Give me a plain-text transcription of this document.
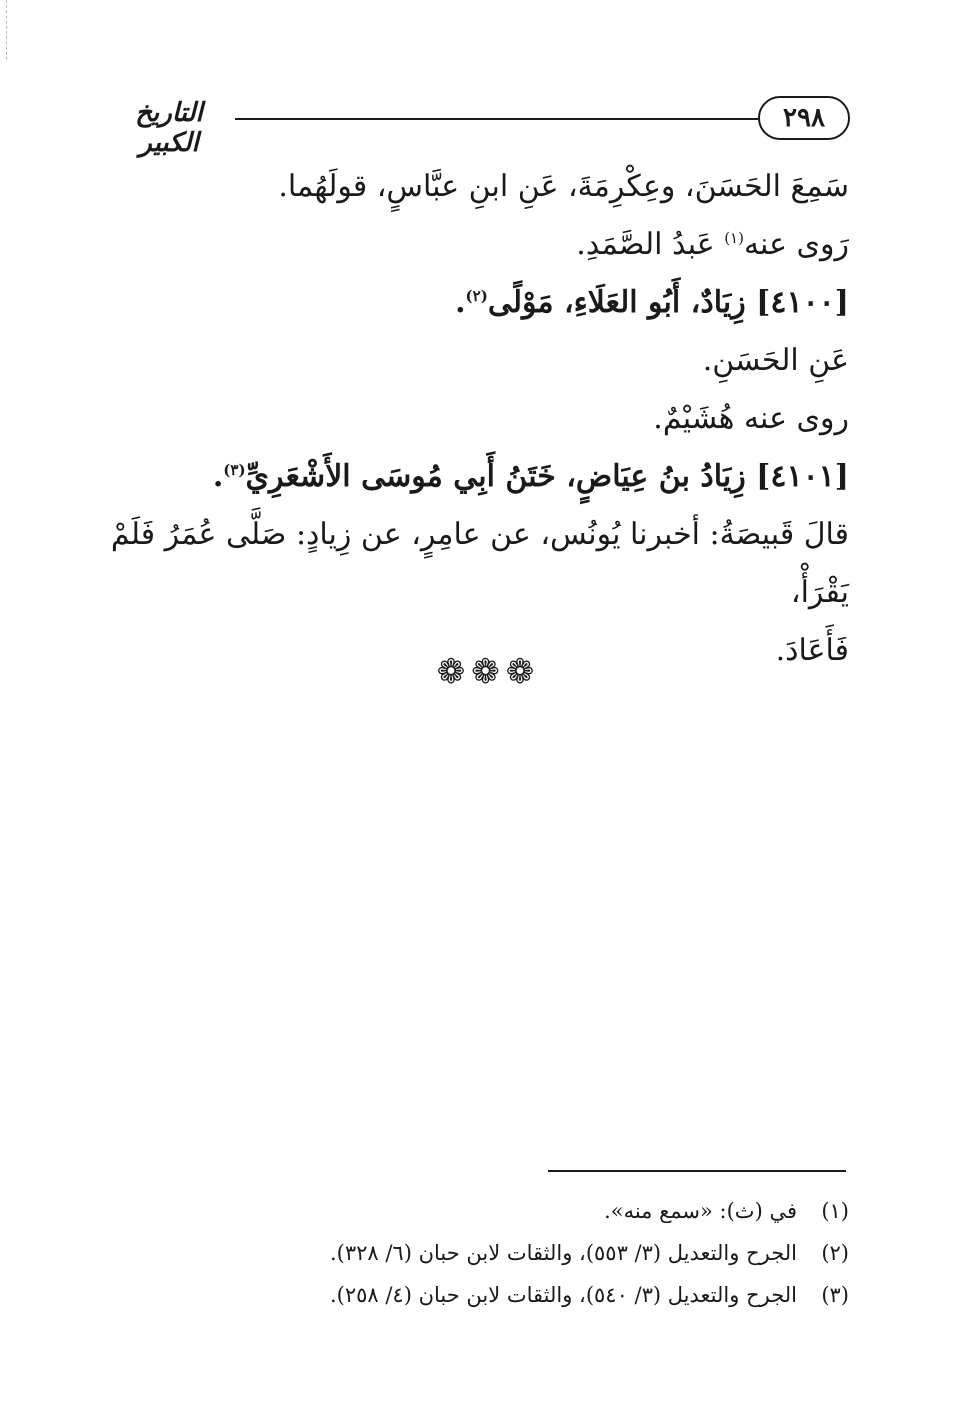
٢٩٨
التاريخ الكبير

سَمِعَ الحَسَنَ، وعِكْرِمَةَ، عَنِ ابنِ عبَّاسٍ، قولَهُما.

رَوى عنه$^{(١)}$ عَبدُ الصَّمَدِ.

[٤١٠٠] زِيَادٌ، أَبُو العَلَاءِ، مَوْلًى$^{(٢)}$.

عَنِ الحَسَنِ.

روى عنه هُشَيْمٌ.

[٤١٠١] زِيَادُ بنُ عِيَاضٍ، خَتَنُ أَبِي مُوسَى الأَشْعَرِيِّ$^{(٣)}$.

قالَ قَبيصَةُ: أخبرنا يُونُس، عن عامِرٍ، عن زِيادٍ: صَلَّى عُمَرُ فَلَمْ يَقْرَأْ،

فَأَعَادَ.

❁❁❁

(١)في (ث): «سمع منه».

(٢)الجرح والتعديل (٣/ ٥٥٣)، والثقات لابن حبان (٦/ ٣٢٨).

(٣)الجرح والتعديل (٣/ ٥٤٠)، والثقات لابن حبان (٤/ ٢٥٨).
